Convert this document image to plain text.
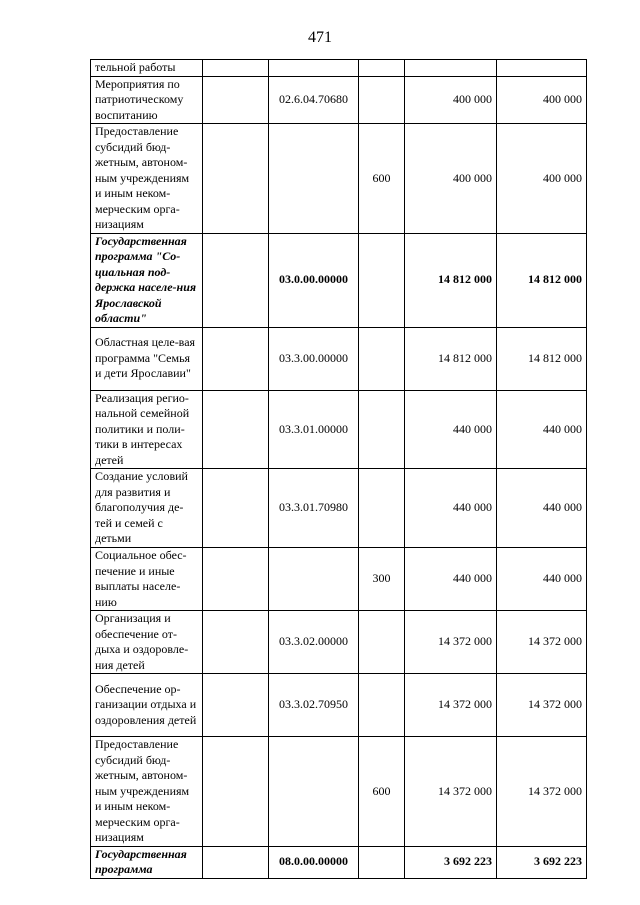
471
тельной работы					
Мероприятия по патриотическому воспитанию		02.6.04.70680		400 000	400 000
Предоставление субсидий бюд-жетным, автоном-ным учреждениям и иным неком-мерческим орга-низациям			600	400 000	400 000
Государственная программа "Со-циальная под-держка населе-ния Ярославской области"		03.0.00.00000		14 812 000	14 812 000
Областная целе-вая программа "Семья и дети Ярославии"		03.3.00.00000		14 812 000	14 812 000
Реализация регио-нальной семейной политики и поли-тики в интересах детей		03.3.01.00000		440 000	440 000
Создание условий для развития и благополучия де-тей и семей с детьми		03.3.01.70980		440 000	440 000
Социальное обес-печение и иные выплаты населе-нию			300	440 000	440 000
Организация и обеспечение от-дыха и оздоровле-ния детей		03.3.02.00000		14 372 000	14 372 000
Обеспечение ор-ганизации отдыха и оздоровления детей		03.3.02.70950		14 372 000	14 372 000
Предоставление субсидий бюд-жетным, автоном-ным учреждениям и иным неком-мерческим орга-низациям			600	14 372 000	14 372 000
Государственная программа		08.0.00.00000		3 692 223	3 692 223
